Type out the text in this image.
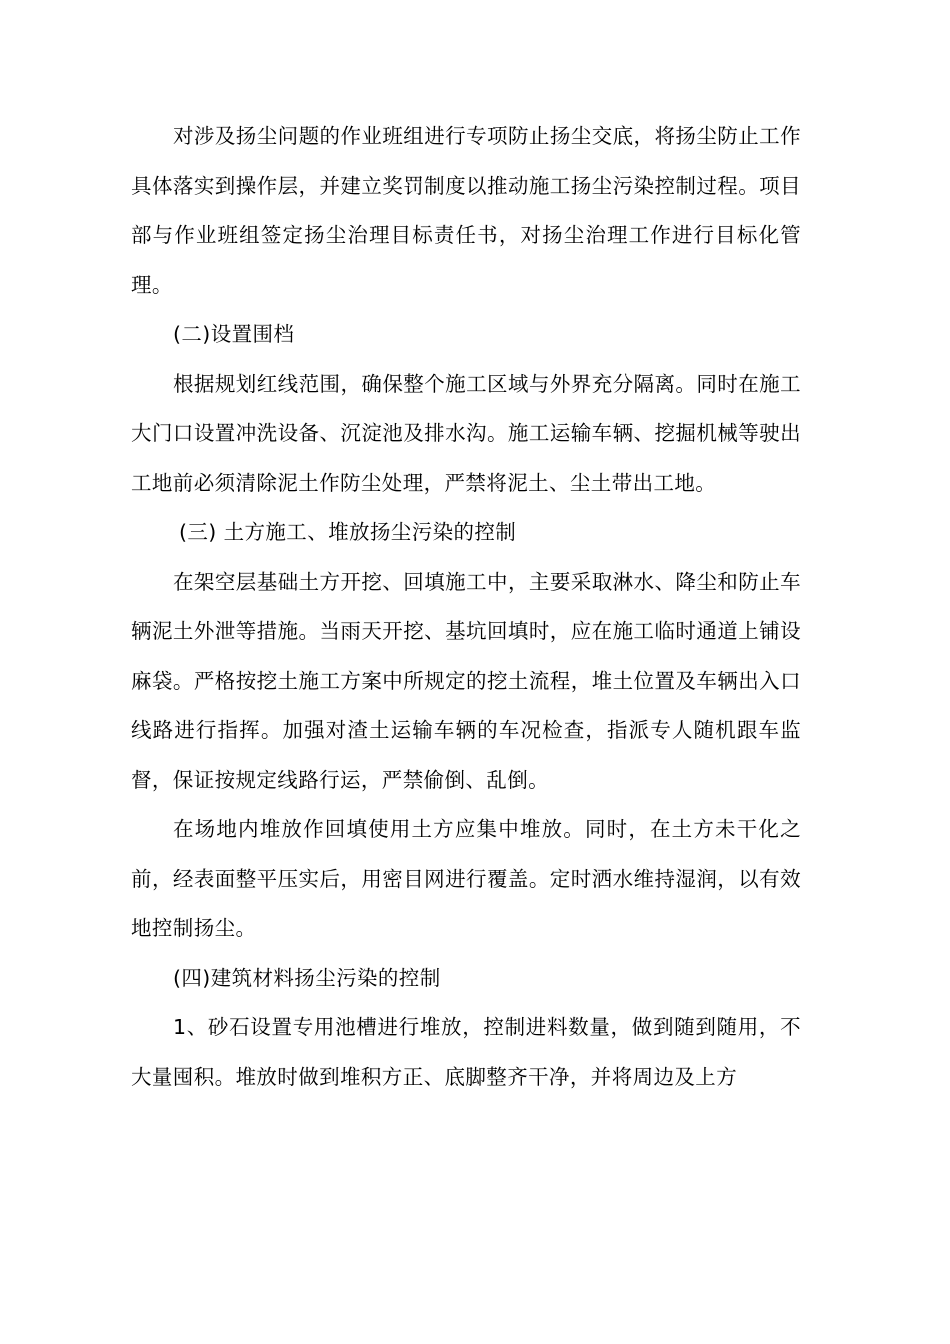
对涉及扬尘问题的作业班组进行专项防止扬尘交底，将扬尘防止工作具体落实到操作层，并建立奖罚制度以推动施工扬尘污染控制过程。项目部与作业班组签定扬尘治理目标责任书，对扬尘治理工作进行目标化管理。

(二)设置围档

根据规划红线范围，确保整个施工区域与外界充分隔离。同时在施工大门口设置冲洗设备、沉淀池及排水沟。施工运输车辆、挖掘机械等驶出工地前必须清除泥土作防尘处理，严禁将泥土、尘土带出工地。

(三) 土方施工、堆放扬尘污染的控制

在架空层基础土方开挖、回填施工中，主要采取淋水、降尘和防止车辆泥土外泄等措施。当雨天开挖、基坑回填时，应在施工临时通道上铺设麻袋。严格按挖土施工方案中所规定的挖土流程，堆土位置及车辆出入口线路进行指挥。加强对渣土运输车辆的车况检查，指派专人随机跟车监督，保证按规定线路行运，严禁偷倒、乱倒。

在场地内堆放作回填使用土方应集中堆放。同时，在土方未干化之前，经表面整平压实后，用密目网进行覆盖。定时洒水维持湿润，以有效地控制扬尘。

(四)建筑材料扬尘污染的控制

1、砂石设置专用池槽进行堆放，控制进料数量，做到随到随用，不大量囤积。堆放时做到堆积方正、底脚整齐干净，并将周边及上方
